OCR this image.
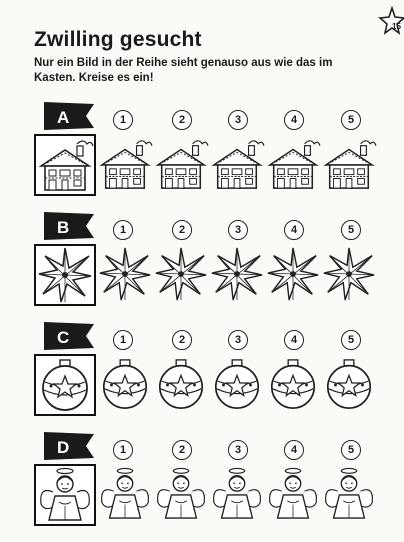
Zwilling gesucht

Nur ein Bild in der Reihe sieht genauso aus wie das im Kasten. Kreise es ein!

15
A	1	2	3	4	5
B	1	2	3	4	5
C	1	2	3	4	5
D	1	2	3	4	5
